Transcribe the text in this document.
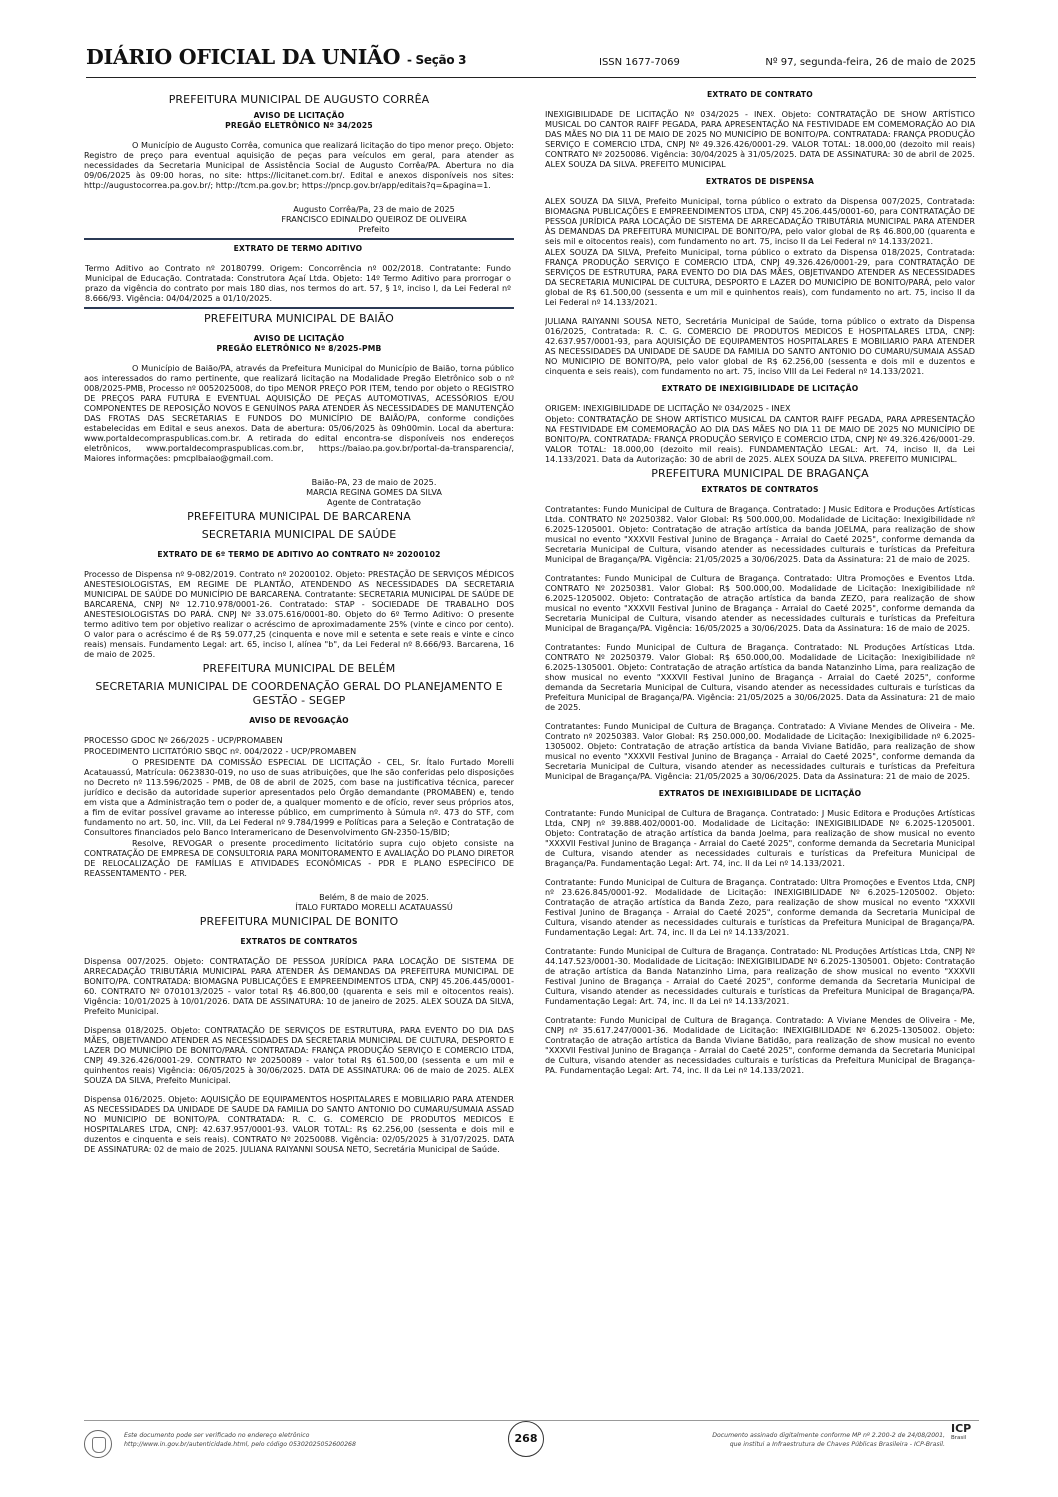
DIÁRIO OFICIAL DA UNIÃO - Seção 3	ISSN 1677-7069	Nº 97, segunda-feira, 26 de maio de 2025
PREFEITURA MUNICIPAL DE AUGUSTO CORRÊA
AVISO DE LICITAÇÃO
PREGÃO ELETRÔNICO Nº 34/2025

O Município de Augusto Corrêa, comunica que realizará licitação do tipo menor preço. Objeto: Registro de preço para eventual aquisição de peças para veículos em geral, para atender as necessidades da Secretaria Municipal de Assistência Social de Augusto Corrêa/PA. Abertura no dia 09/06/2025 às 09:00 horas, no site: https://licitanet.com.br/. Edital e anexos disponíveis nos sites: http://augustocorrea.pa.gov.br/; http://tcm.pa.gov.br; https://pncp.gov.br/app/editais?q=&pagina=1.

Augusto Corrêa/Pa, 23 de maio de 2025
FRANCISCO EDINALDO QUEIROZ DE OLIVEIRA
Prefeito
EXTRATO DE TERMO ADITIVO

Termo Aditivo ao Contrato nº 20180799. Origem: Concorrência nº 002/2018. Contratante: Fundo Municipal de Educação. Contratada: Construtora Açaí Ltda. Objeto: 14º Termo Aditivo para prorrogar o prazo da vigência do contrato por mais 180 dias, nos termos do art. 57, § 1º, inciso I, da Lei Federal nº 8.666/93. Vigência: 04/04/2025 a 01/10/2025.

PREFEITURA MUNICIPAL DE BAIÃO
AVISO DE LICITAÇÃO
PREGÃO ELETRÔNICO Nº 8/2025-PMB

O Município de Baião/PA, através da Prefeitura Municipal do Município de Baião, torna público aos interessados do ramo pertinente, que realizará licitação na Modalidade Pregão Eletrônico sob o nº 008/2025-PMB, Processo nº 0052025008, do tipo MENOR PREÇO POR ITEM, tendo por objeto o REGISTRO DE PREÇOS PARA FUTURA E EVENTUAL AQUISIÇÃO DE PEÇAS AUTOMOTIVAS, ACESSÓRIOS E/OU COMPONENTES DE REPOSIÇÃO NOVOS E GENUÍNOS PARA ATENDER ÀS NECESSIDADES DE MANUTENÇÃO DAS FROTAS DAS SECRETARIAS E FUNDOS DO MUNICÍPIO DE BAIÃO/PA, conforme condições estabelecidas em Edital e seus anexos. Data de abertura: 05/06/2025 às 09h00min. Local da abertura: www.portaldecompraspublicas.com.br. A retirada do edital encontra-se disponíveis nos endereços eletrônicos, www.portaldecompraspublicas.com.br, https://baiao.pa.gov.br/portal-da-transparencia/, Maiores informações: pmcplbaiao@gmail.com.

Baião-PA, 23 de maio de 2025.
MARCIA REGINA GOMES DA SILVA
Agente de Contratação
PREFEITURA MUNICIPAL DE BARCARENA
SECRETARIA MUNICIPAL DE SAÚDE
EXTRATO DE 6º TERMO DE ADITIVO AO CONTRATO Nº 20200102

Processo de Dispensa nº 9-082/2019. Contrato nº 20200102. Objeto: PRESTAÇÃO DE SERVIÇOS MÉDICOS ANESTESIOLOGISTAS, EM REGIME DE PLANTÃO, ATENDENDO AS NECESSIDADES DA SECRETARIA MUNICIPAL DE SAÚDE DO MUNICÍPIO DE BARCARENA. Contratante: SECRETARIA MUNICIPAL DE SAÚDE DE BARCARENA, CNPJ Nº 12.710.978/0001-26. Contratado: STAP - SOCIEDADE DE TRABALHO DOS ANESTESIOLOGISTAS DO PARÁ. CNPJ Nº 33.075.616/0001-80. Objeto do 6º Termo Aditivo: O presente termo aditivo tem por objetivo realizar o acréscimo de aproximadamente 25% (vinte e cinco por cento). O valor para o acréscimo é de R$ 59.077,25 (cinquenta e nove mil e setenta e sete reais e vinte e cinco reais) mensais. Fundamento Legal: art. 65, inciso I, alínea "b", da Lei Federal nº 8.666/93. Barcarena, 16 de maio de 2025.

PREFEITURA MUNICIPAL DE BELÉM
SECRETARIA MUNICIPAL DE COORDENAÇÃO GERAL DO PLANEJAMENTO E GESTÃO - SEGEP
AVISO DE REVOGAÇÃO

PROCESSO GDOC Nº 266/2025 - UCP/PROMABEN

PROCEDIMENTO LICITATÓRIO SBQC nº. 004/2022 - UCP/PROMABEN

O PRESIDENTE DA COMISSÃO ESPECIAL DE LICITAÇÃO - CEL, Sr. Ítalo Furtado Morelli Acatauassú, Matrícula: 0623830-019, no uso de suas atribuições, que lhe são conferidas pelo disposições no Decreto nº 113.596/2025 - PMB, de 08 de abril de 2025, com base na justificativa técnica, parecer jurídico e decisão da autoridade superior apresentados pelo Órgão demandante (PROMABEN) e, tendo em vista que a Administração tem o poder de, a qualquer momento e de ofício, rever seus próprios atos, a fim de evitar possível gravame ao interesse público, em cumprimento à Súmula nº. 473 do STF, com fundamento no art. 50, inc. VIII, da Lei Federal nº 9.784/1999 e Políticas para a Seleção e Contratação de Consultores financiados pelo Banco Interamericano de Desenvolvimento GN-2350-15/BID;

Resolve, REVOGAR o presente procedimento licitatório supra cujo objeto consiste na CONTRATAÇÃO DE EMPRESA DE CONSULTORIA PARA MONITORAMENTO E AVALIAÇÃO DO PLANO DIRETOR DE RELOCALIZAÇÃO DE FAMÍLIAS E ATIVIDADES ECONÔMICAS - PDR E PLANO ESPECÍFICO DE REASSENTAMENTO - PER.

Belém, 8 de maio de 2025.
ÍTALO FURTADO MORELLI ACATAUASSÚ
PREFEITURA MUNICIPAL DE BONITO
EXTRATOS DE CONTRATOS

Dispensa 007/2025. Objeto: CONTRATAÇÃO DE PESSOA JURÍDICA PARA LOCAÇÃO DE SISTEMA DE ARRECADAÇÃO TRIBUTÁRIA MUNICIPAL PARA ATENDER ÀS DEMANDAS DA PREFEITURA MUNICIPAL DE BONITO/PA. CONTRATADA: BIOMAGNA PUBLICAÇÕES E EMPREENDIMENTOS LTDA, CNPJ 45.206.445/0001-60. CONTRATO Nº 0701013/2025 - valor total R$ 46.800,00 (quarenta e seis mil e oitocentos reais). Vigência: 10/01/2025 à 10/01/2026. DATA DE ASSINATURA: 10 de janeiro de 2025. ALEX SOUZA DA SILVA, Prefeito Municipal.

Dispensa 018/2025. Objeto: CONTRATAÇÃO DE SERVIÇOS DE ESTRUTURA, PARA EVENTO DO DIA DAS MÃES, OBJETIVANDO ATENDER AS NECESSIDADES DA SECRETARIA MUNICIPAL DE CULTURA, DESPORTO E LAZER DO MUNICÍPIO DE BONITO/PARÁ. CONTRATADA: FRANÇA PRODUÇÃO SERVIÇO E COMERCIO LTDA, CNPJ 49.326.426/0001-29. CONTRATO Nº 20250089 - valor total R$ 61.500,00 (sessenta e um mil e quinhentos reais) Vigência: 06/05/2025 à 30/06/2025. DATA DE ASSINATURA: 06 de maio de 2025. ALEX SOUZA DA SILVA, Prefeito Municipal.

Dispensa 016/2025. Objeto: AQUISIÇÃO DE EQUIPAMENTOS HOSPITALARES E MOBILIARIO PARA ATENDER AS NECESSIDADES DA UNIDADE DE SAUDE DA FAMILIA DO SANTO ANTONIO DO CUMARU/SUMAIA ASSAD NO MUNICIPIO DE BONITO/PA. CONTRATADA: R. C. G. COMERCIO DE PRODUTOS MEDICOS E HOSPITALARES LTDA, CNPJ: 42.637.957/0001-93. VALOR TOTAL: R$ 62.256,00 (sessenta e dois mil e duzentos e cinquenta e seis reais). CONTRATO Nº 20250088. Vigência: 02/05/2025 à 31/07/2025. DATA DE ASSINATURA: 02 de maio de 2025. JULIANA RAIYANNI SOUSA NETO, Secretária Municipal de Saúde.

EXTRATO DE CONTRATO

INEXIGIBILIDADE DE LICITAÇÃO Nº 034/2025 - INEX. Objeto: CONTRATAÇÃO DE SHOW ARTÍSTICO MUSICAL DO CANTOR RAIFF PEGADA, PARA APRESENTAÇÃO NA FESTIVIDADE EM COMEMORAÇÃO AO DIA DAS MÃES NO DIA 11 DE MAIO DE 2025 NO MUNICÍPIO DE BONITO/PA. CONTRATADA: FRANÇA PRODUÇÃO SERVIÇO E COMERCIO LTDA, CNPJ Nº 49.326.426/0001-29. VALOR TOTAL: 18.000,00 (dezoito mil reais) CONTRATO Nº 20250086. Vigência: 30/04/2025 à 31/05/2025. DATA DE ASSINATURA: 30 de abril de 2025. ALEX SOUZA DA SILVA. PREFEITO MUNICIPAL

EXTRATOS DE DISPENSA

ALEX SOUZA DA SILVA, Prefeito Municipal, torna público o extrato da Dispensa 007/2025, Contratada: BIOMAGNA PUBLICAÇÕES E EMPREENDIMENTOS LTDA, CNPJ 45.206.445/0001-60, para CONTRATAÇÃO DE PESSOA JURÍDICA PARA LOCAÇÃO DE SISTEMA DE ARRECADAÇÃO TRIBUTÁRIA MUNICIPAL PARA ATENDER ÀS DEMANDAS DA PREFEITURA MUNICIPAL DE BONITO/PA, pelo valor global de R$ 46.800,00 (quarenta e seis mil e oitocentos reais), com fundamento no art. 75, inciso II da Lei Federal nº 14.133/2021.

ALEX SOUZA DA SILVA, Prefeito Municipal, torna público o extrato da Dispensa 018/2025, Contratada: FRANÇA PRODUÇÃO SERVIÇO E COMERCIO LTDA, CNPJ 49.326.426/0001-29, para CONTRATAÇÃO DE SERVIÇOS DE ESTRUTURA, PARA EVENTO DO DIA DAS MÃES, OBJETIVANDO ATENDER AS NECESSIDADES DA SECRETARIA MUNICIPAL DE CULTURA, DESPORTO E LAZER DO MUNICÍPIO DE BONITO/PARÁ, pelo valor global de R$ 61.500,00 (sessenta e um mil e quinhentos reais), com fundamento no art. 75, inciso II da Lei Federal nº 14.133/2021.

JULIANA RAIYANNI SOUSA NETO, Secretária Municipal de Saúde, torna público o extrato da Dispensa 016/2025, Contratada: R. C. G. COMERCIO DE PRODUTOS MEDICOS E HOSPITALARES LTDA, CNPJ: 42.637.957/0001-93, para AQUISIÇÃO DE EQUIPAMENTOS HOSPITALARES E MOBILIARIO PARA ATENDER AS NECESSIDADES DA UNIDADE DE SAUDE DA FAMILIA DO SANTO ANTONIO DO CUMARU/SUMAIA ASSAD NO MUNICIPIO DE BONITO/PA, pelo valor global de R$ 62.256,00 (sessenta e dois mil e duzentos e cinquenta e seis reais), com fundamento no art. 75, inciso VIII da Lei Federal nº 14.133/2021.

EXTRATO DE INEXIGIBILIDADE DE LICITAÇÃO

ORIGEM: INEXIGIBILIDADE DE LICITAÇÃO Nº 034/2025 - INEX

Objeto: CONTRATAÇÃO DE SHOW ARTÍSTICO MUSICAL DA CANTOR RAIFF PEGADA, PARA APRESENTAÇÃO NA FESTIVIDADE EM COMEMORAÇÃO AO DIA DAS MÃES NO DIA 11 DE MAIO DE 2025 NO MUNICÍPIO DE BONITO/PA. CONTRATADA: FRANÇA PRODUÇÃO SERVIÇO E COMERCIO LTDA, CNPJ Nº 49.326.426/0001-29. VALOR TOTAL: 18.000,00 (dezoito mil reais). FUNDAMENTAÇÃO LEGAL: Art. 74, inciso II, da Lei 14.133/2021. Data da Autorização: 30 de abril de 2025. ALEX SOUZA DA SILVA. PREFEITO MUNICIPAL.

PREFEITURA MUNICIPAL DE BRAGANÇA
EXTRATOS DE CONTRATOS

Contratantes: Fundo Municipal de Cultura de Bragança. Contratado: J Music Editora e Produções Artísticas Ltda. CONTRATO Nº 20250382. Valor Global: R$ 500.000,00. Modalidade de Licitação: Inexigibilidade nº 6.2025-1205001. Objeto: Contratação de atração artística da banda JOELMA, para realização de show musical no evento "XXXVII Festival Junino de Bragança - Arraial do Caeté 2025", conforme demanda da Secretaria Municipal de Cultura, visando atender as necessidades culturais e turísticas da Prefeitura Municipal de Bragança/PA. Vigência: 21/05/2025 a 30/06/2025. Data da Assinatura: 21 de maio de 2025.

Contratantes: Fundo Municipal de Cultura de Bragança. Contratado: Ultra Promoções e Eventos Ltda. CONTRATO Nº 20250381. Valor Global: R$ 500.000,00. Modalidade de Licitação: Inexigibilidade nº 6.2025-1205002. Objeto: Contratação de atração artística da banda ZEZO, para realização de show musical no evento "XXXVII Festival Junino de Bragança - Arraial do Caeté 2025", conforme demanda da Secretaria Municipal de Cultura, visando atender as necessidades culturais e turísticas da Prefeitura Municipal de Bragança/PA. Vigência: 16/05/2025 a 30/06/2025. Data da Assinatura: 16 de maio de 2025.

Contratantes: Fundo Municipal de Cultura de Bragança. Contratado: NL Produções Artísticas Ltda. CONTRATO Nº 20250379. Valor Global: R$ 650.000,00. Modalidade de Licitação: Inexigibilidade nº 6.2025-1305001. Objeto: Contratação de atração artística da banda Natanzinho Lima, para realização de show musical no evento "XXXVII Festival Junino de Bragança - Arraial do Caeté 2025", conforme demanda da Secretaria Municipal de Cultura, visando atender as necessidades culturais e turísticas da Prefeitura Municipal de Bragança/PA. Vigência: 21/05/2025 a 30/06/2025. Data da Assinatura: 21 de maio de 2025.

Contratantes: Fundo Municipal de Cultura de Bragança. Contratado: A Viviane Mendes de Oliveira - Me. Contrato nº 20250383. Valor Global: R$ 250.000,00. Modalidade de Licitação: Inexigibilidade nº 6.2025-1305002. Objeto: Contratação de atração artística da banda Viviane Batidão, para realização de show musical no evento "XXXVII Festival Junino de Bragança - Arraial do Caeté 2025", conforme demanda da Secretaria Municipal de Cultura, visando atender as necessidades culturais e turísticas da Prefeitura Municipal de Bragança/PA. Vigência: 21/05/2025 a 30/06/2025. Data da Assinatura: 21 de maio de 2025.

EXTRATOS DE INEXIGIBILIDADE DE LICITAÇÃO

Contratante: Fundo Municipal de Cultura de Bragança. Contratado: J Music Editora e Produções Artísticas Ltda, CNPJ nº 39.888.402/0001-00. Modalidade de Licitação: INEXIGIBILIDADE Nº 6.2025-1205001. Objeto: Contratação de atração artística da banda Joelma, para realização de show musical no evento "XXXVII Festival Junino de Bragança - Arraial do Caeté 2025", conforme demanda da Secretaria Municipal de Cultura, visando atender as necessidades culturais e turísticas da Prefeitura Municipal de Bragança/Pa. Fundamentação Legal: Art. 74, inc. II da Lei nº 14.133/2021.

Contratante: Fundo Municipal de Cultura de Bragança. Contratado: Ultra Promoções e Eventos Ltda, CNPJ nº 23.626.845/0001-92. Modalidade de Licitação: INEXIGIBILIDADE Nº 6.2025-1205002. Objeto: Contratação de atração artística da Banda Zezo, para realização de show musical no evento "XXXVII Festival Junino de Bragança - Arraial do Caeté 2025", conforme demanda da Secretaria Municipal de Cultura, visando atender as necessidades culturais e turísticas da Prefeitura Municipal de Bragança/PA. Fundamentação Legal: Art. 74, inc. II da Lei nº 14.133/2021.

Contratante: Fundo Municipal de Cultura de Bragança. Contratado: NL Produções Artísticas Ltda, CNPJ Nº 44.147.523/0001-30. Modalidade de Licitação: INEXIGIBILIDADE Nº 6.2025-1305001. Objeto: Contratação de atração artística da Banda Natanzinho Lima, para realização de show musical no evento "XXXVII Festival Junino de Bragança - Arraial do Caeté 2025", conforme demanda da Secretaria Municipal de Cultura, visando atender as necessidades culturais e turísticas da Prefeitura Municipal de Bragança/PA. Fundamentação Legal: Art. 74, inc. II da Lei nº 14.133/2021.

Contratante: Fundo Municipal de Cultura de Bragança. Contratado: A Viviane Mendes de Oliveira - Me, CNPJ nº 35.617.247/0001-36. Modalidade de Licitação: INEXIGIBILIDADE Nº 6.2025-1305002. Objeto: Contratação de atração artística da Banda Viviane Batidão, para realização de show musical no evento "XXXVII Festival Junino de Bragança - Arraial do Caeté 2025", conforme demanda da Secretaria Municipal de Cultura, visando atender as necessidades culturais e turísticas da Prefeitura Municipal de Bragança-PA. Fundamentação Legal: Art. 74, inc. II da Lei nº 14.133/2021.

Este documento pode ser verificado no endereço eletrônico
http://www.in.gov.br/autenticidade.html, pelo código 05302025052600268	268	Documento assinado digitalmente conforme MP nº 2.200-2 de 24/08/2001,
que institui a Infraestrutura de Chaves Públicas Brasileira - ICP-Brasil.
ICP
Brasil
